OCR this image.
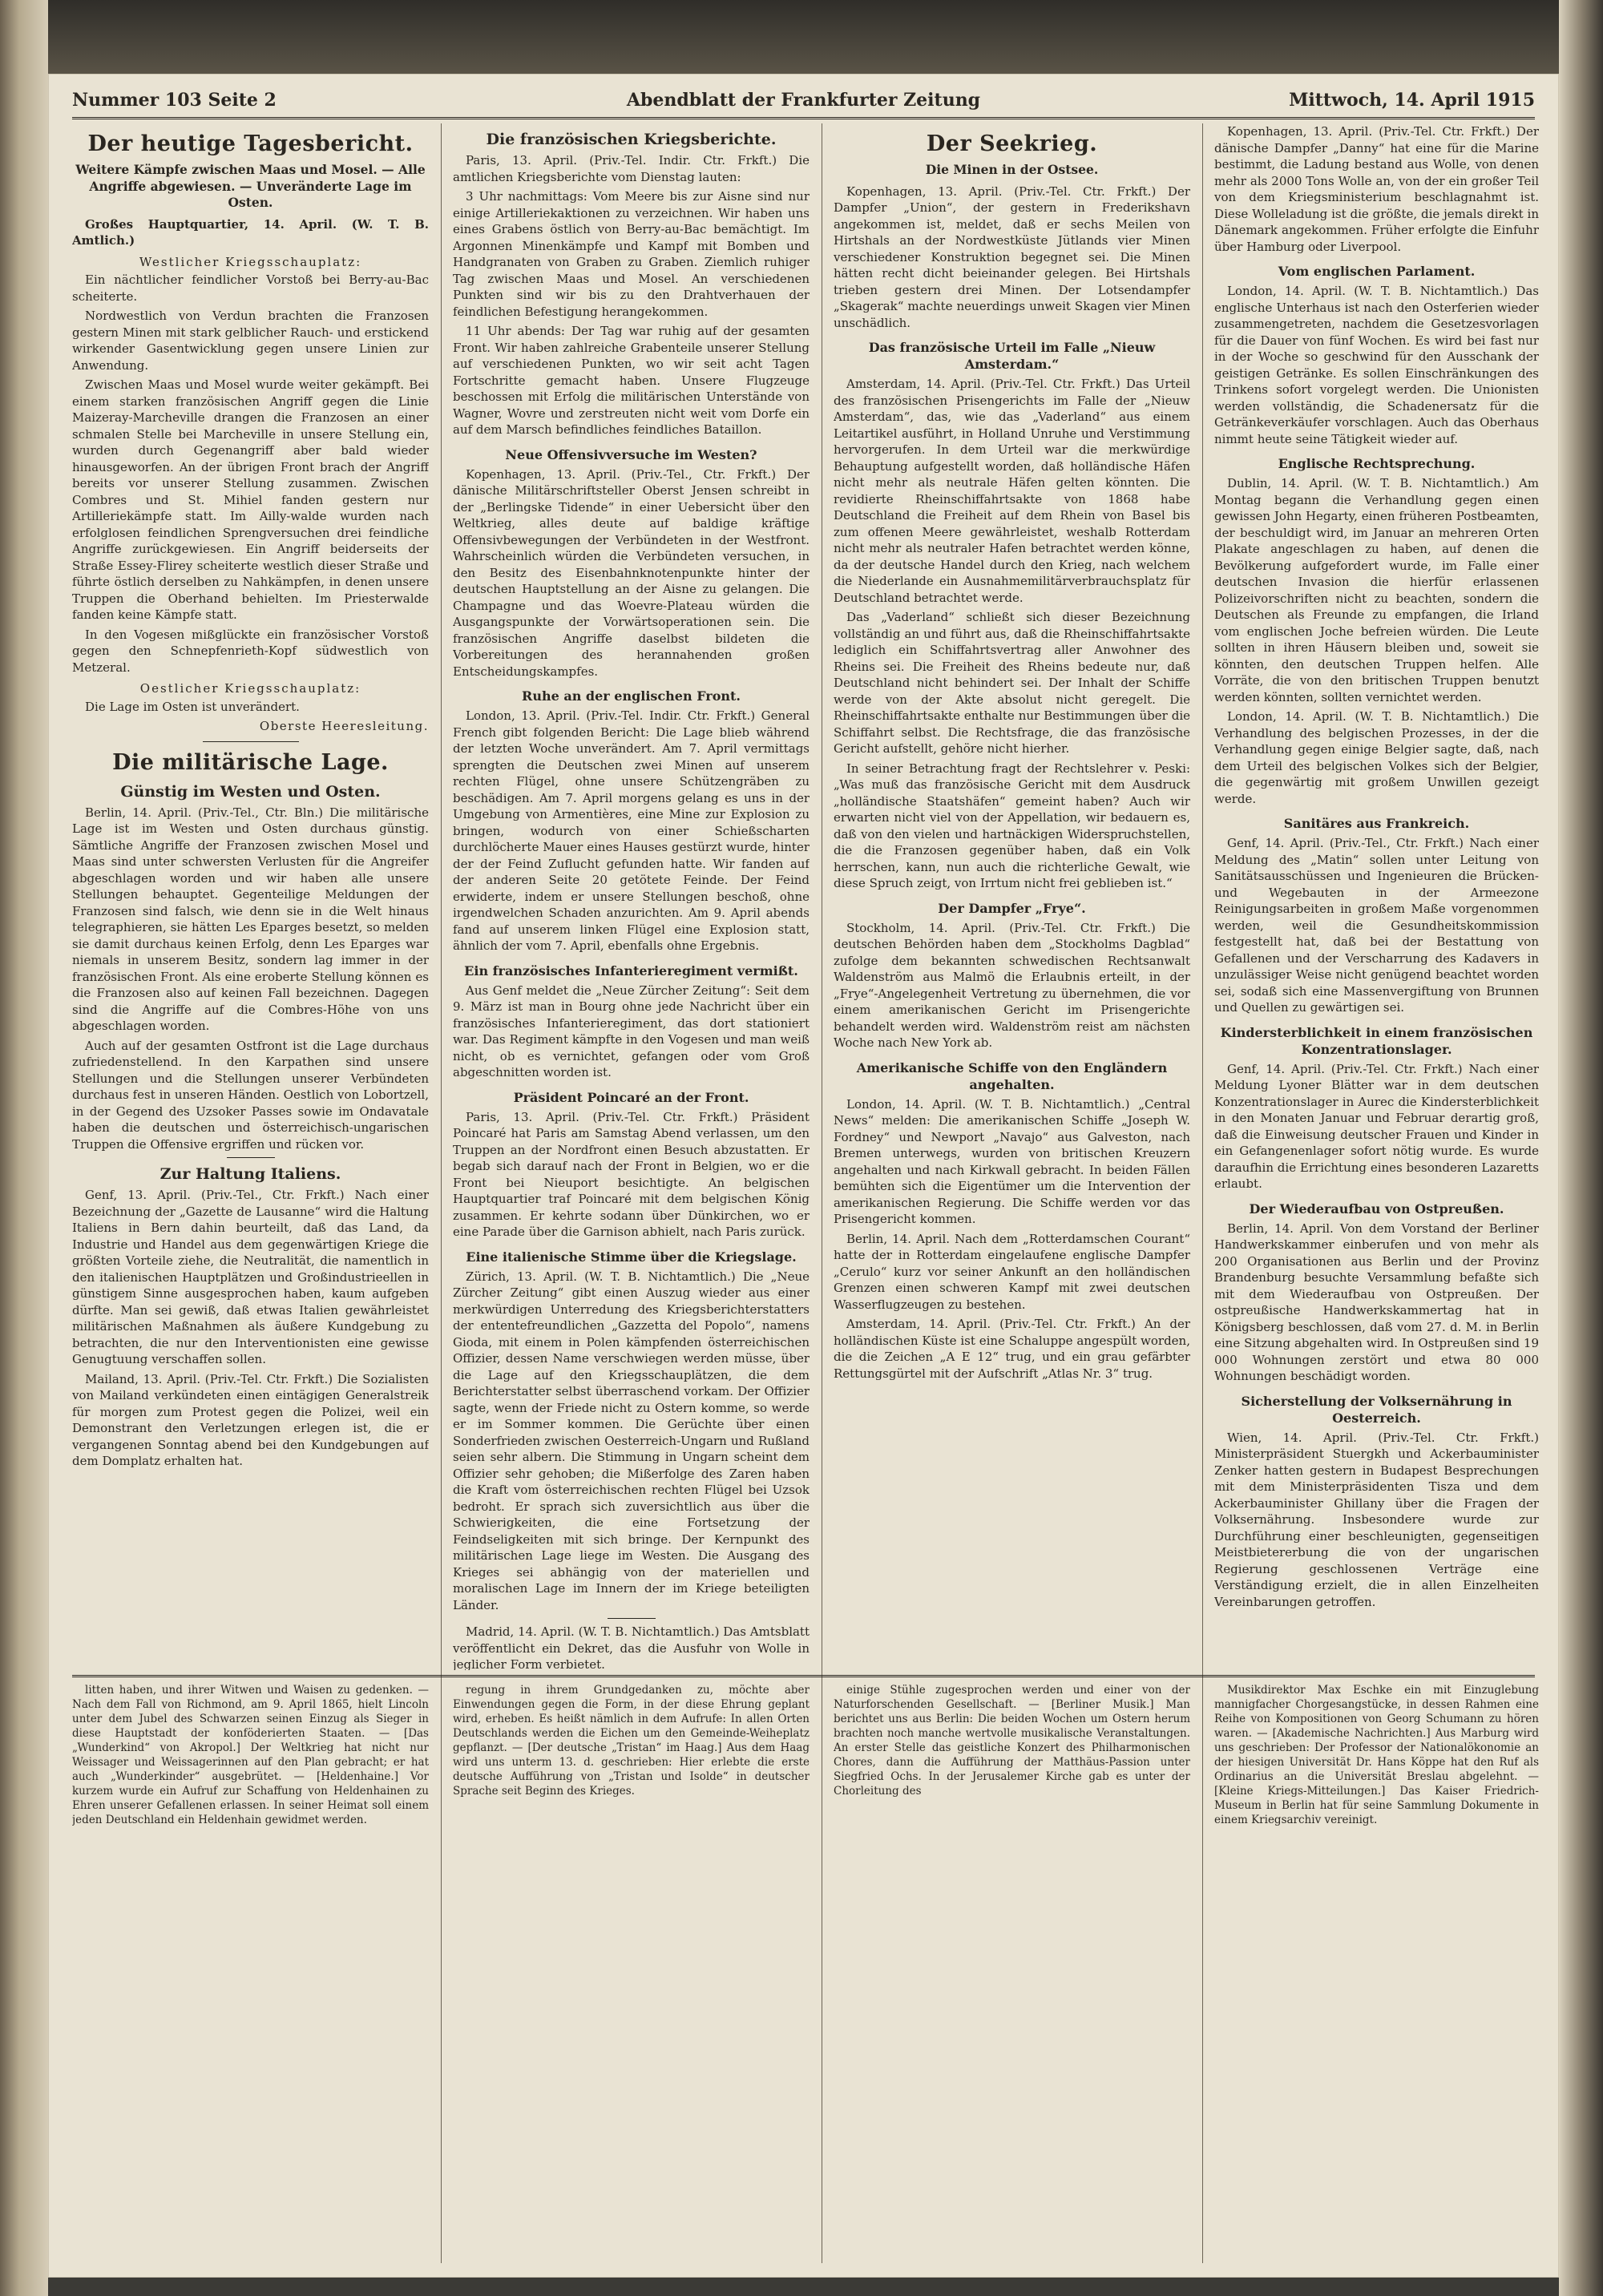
Nummer 103 Seite 2	Abendblatt der Frankfurter Zeitung	Mittwoch, 14. April 1915
Der heutige Tagesbericht.
Weitere Kämpfe zwischen Maas und Mosel. — Alle Angriffe abgewiesen. — Unveränderte Lage im Osten.

Großes Hauptquartier, 14. April. (W. T. B. Amtlich.)

Westlicher Kriegsschauplatz:

Ein nächtlicher feindlicher Vorstoß bei Berry-au-Bac scheiterte.

Nordwestlich von Verdun brachten die Franzosen gestern Minen mit stark gelblicher Rauch- und erstickend wirkender Gasentwicklung gegen unsere Linien zur Anwendung.

Zwischen Maas und Mosel wurde weiter gekämpft. Bei einem starken französischen Angriff gegen die Linie Maizeray-Marcheville drangen die Franzosen an einer schmalen Stelle bei Marcheville in unsere Stellung ein, wurden durch Gegenangriff aber bald wieder hinausgeworfen. An der übrigen Front brach der Angriff bereits vor unserer Stellung zusammen. Zwischen Combres und St. Mihiel fanden gestern nur Artilleriekämpfe statt. Im Ailly-walde wurden nach erfolglosen feindlichen Sprengversuchen drei feindliche Angriffe zurückgewiesen. Ein Angriff beiderseits der Straße Essey-Flirey scheiterte westlich dieser Straße und führte östlich derselben zu Nahkämpfen, in denen unsere Truppen die Oberhand behielten. Im Priesterwalde fanden keine Kämpfe statt.

In den Vogesen mißglückte ein französischer Vorstoß gegen den Schnepfenrieth-Kopf südwestlich von Metzeral.

Oestlicher Kriegsschauplatz:

Die Lage im Osten ist unverändert.

Oberste Heeresleitung.
Die militärische Lage.
Günstig im Westen und Osten.

Berlin, 14. April. (Priv.-Tel., Ctr. Bln.) Die militärische Lage ist im Westen und Osten durchaus günstig. Sämtliche Angriffe der Franzosen zwischen Mosel und Maas sind unter schwersten Verlusten für die Angreifer abgeschlagen worden und wir haben alle unsere Stellungen behauptet. Gegenteilige Meldungen der Franzosen sind falsch, wie denn sie in die Welt hinaus telegraphieren, sie hätten Les Eparges besetzt, so melden sie damit durchaus keinen Erfolg, denn Les Eparges war niemals in unserem Besitz, sondern lag immer in der französischen Front. Als eine eroberte Stellung können es die Franzosen also auf keinen Fall bezeichnen. Dagegen sind die Angriffe auf die Combres-Höhe von uns abgeschlagen worden.

Auch auf der gesamten Ostfront ist die Lage durchaus zufriedenstellend. In den Karpathen sind unsere Stellungen und die Stellungen unserer Verbündeten durchaus fest in unseren Händen. Oestlich von Lobortzell, in der Gegend des Uzsoker Passes sowie im Ondavatale haben die deutschen und österreichisch-ungarischen Truppen die Offensive ergriffen und rücken vor.

Zur Haltung Italiens.

Genf, 13. April. (Priv.-Tel., Ctr. Frkft.) Nach einer Bezeichnung der „Gazette de Lausanne“ wird die Haltung Italiens in Bern dahin beurteilt, daß das Land, da Industrie und Handel aus dem gegenwärtigen Kriege die größten Vorteile ziehe, die Neutralität, die namentlich in den italienischen Hauptplätzen und Großindustrieellen in günstigem Sinne ausgesprochen haben, kaum aufgeben dürfte. Man sei gewiß, daß etwas Italien gewährleistet militärischen Maßnahmen als äußere Kundgebung zu betrachten, die nur den Interventionisten eine gewisse Genugtuung verschaffen sollen.

Mailand, 13. April. (Priv.-Tel. Ctr. Frkft.) Die Sozialisten von Mailand verkündeten einen eintägigen Generalstreik für morgen zum Protest gegen die Polizei, weil ein Demonstrant den Verletzungen erlegen ist, die er vergangenen Sonntag abend bei den Kundgebungen auf dem Domplatz erhalten hat.

Die französischen Kriegsberichte.

Paris, 13. April. (Priv.-Tel. Indir. Ctr. Frkft.) Die amtlichen Kriegsberichte vom Dienstag lauten:

3 Uhr nachmittags: Vom Meere bis zur Aisne sind nur einige Artilleriekaktionen zu verzeichnen. Wir haben uns eines Grabens östlich von Berry-au-Bac bemächtigt. Im Argonnen Minenkämpfe und Kampf mit Bomben und Handgranaten von Graben zu Graben. Ziemlich ruhiger Tag zwischen Maas und Mosel. An verschiedenen Punkten sind wir bis zu den Drahtverhauen der feindlichen Befestigung herangekommen.

11 Uhr abends: Der Tag war ruhig auf der gesamten Front. Wir haben zahlreiche Grabenteile unserer Stellung auf verschiedenen Punkten, wo wir seit acht Tagen Fortschritte gemacht haben. Unsere Flugzeuge beschossen mit Erfolg die militärischen Unterstände von Wagner, Wovre und zerstreuten nicht weit vom Dorfe ein auf dem Marsch befindliches feindliches Bataillon.

Neue Offensivversuche im Westen?

Kopenhagen, 13. April. (Priv.-Tel., Ctr. Frkft.) Der dänische Militärschriftsteller Oberst Jensen schreibt in der „Berlingske Tidende“ in einer Uebersicht über den Weltkrieg, alles deute auf baldige kräftige Offensivbewegungen der Verbündeten in der Westfront. Wahrscheinlich würden die Verbündeten versuchen, in den Besitz des Eisenbahnknotenpunkte hinter der deutschen Hauptstellung an der Aisne zu gelangen. Die Champagne und das Woevre-Plateau würden die Ausgangspunkte der Vorwärtsoperationen sein. Die französischen Angriffe daselbst bildeten die Vorbereitungen des herannahenden großen Entscheidungskampfes.

Ruhe an der englischen Front.

London, 13. April. (Priv.-Tel. Indir. Ctr. Frkft.) General French gibt folgenden Bericht: Die Lage blieb während der letzten Woche unverändert. Am 7. April vermittags sprengten die Deutschen zwei Minen auf unserem rechten Flügel, ohne unsere Schützengräben zu beschädigen. Am 7. April morgens gelang es uns in der Umgebung von Armentières, eine Mine zur Explosion zu bringen, wodurch von einer Schießscharten durchlöcherte Mauer eines Hauses gestürzt wurde, hinter der der Feind Zuflucht gefunden hatte. Wir fanden auf der anderen Seite 20 getötete Feinde. Der Feind erwiderte, indem er unsere Stellungen beschoß, ohne irgendwelchen Schaden anzurichten. Am 9. April abends fand auf unserem linken Flügel eine Explosion statt, ähnlich der vom 7. April, ebenfalls ohne Ergebnis.

Ein französisches Infanterieregiment vermißt.

Aus Genf meldet die „Neue Zürcher Zeitung“: Seit dem 9. März ist man in Bourg ohne jede Nachricht über ein französisches Infanterieregiment, das dort stationiert war. Das Regiment kämpfte in den Vogesen und man weiß nicht, ob es vernichtet, gefangen oder vom Groß abgeschnitten worden ist.

Präsident Poincaré an der Front.

Paris, 13. April. (Priv.-Tel. Ctr. Frkft.) Präsident Poincaré hat Paris am Samstag Abend verlassen, um den Truppen an der Nordfront einen Besuch abzustatten. Er begab sich darauf nach der Front in Belgien, wo er die Front bei Nieuport besichtigte. An belgischen Hauptquartier traf Poincaré mit dem belgischen König zusammen. Er kehrte sodann über Dünkirchen, wo er eine Parade über die Garnison abhielt, nach Paris zurück.

Eine italienische Stimme über die Kriegslage.

Zürich, 13. April. (W. T. B. Nichtamtlich.) Die „Neue Zürcher Zeitung“ gibt einen Auszug wieder aus einer merkwürdigen Unterredung des Kriegsberichterstatters der ententefreundlichen „Gazzetta del Popolo“, namens Gioda, mit einem in Polen kämpfenden österreichischen Offizier, dessen Name verschwiegen werden müsse, über die Lage auf den Kriegsschauplätzen, die dem Berichterstatter selbst überraschend vorkam. Der Offizier sagte, wenn der Friede nicht zu Ostern komme, so werde er im Sommer kommen. Die Gerüchte über einen Sonderfrieden zwischen Oesterreich-Ungarn und Rußland seien sehr albern. Die Stimmung in Ungarn scheint dem Offizier sehr gehoben; die Mißerfolge des Zaren haben die Kraft vom österreichischen rechten Flügel bei Uzsok bedroht. Er sprach sich zuversichtlich aus über die Schwierigkeiten, die eine Fortsetzung der Feindseligkeiten mit sich bringe. Der Kernpunkt des militärischen Lage liege im Westen. Die Ausgang des Krieges sei abhängig von der materiellen und moralischen Lage im Innern der im Kriege beteiligten Länder.

Madrid, 14. April. (W. T. B. Nichtamtlich.) Das Amtsblatt veröffentlicht ein Dekret, das die Ausfuhr von Wolle in jeglicher Form verbietet.

Der Seekrieg.
Die Minen in der Ostsee.

Kopenhagen, 13. April. (Priv.-Tel. Ctr. Frkft.) Der Dampfer „Union“, der gestern in Frederikshavn angekommen ist, meldet, daß er sechs Meilen von Hirtshals an der Nordwestküste Jütlands vier Minen verschiedener Konstruktion begegnet sei. Die Minen hätten recht dicht beieinander gelegen. Bei Hirtshals trieben gestern drei Minen. Der Lotsendampfer „Skagerak“ machte neuerdings unweit Skagen vier Minen unschädlich.

Das französische Urteil im Falle „Nieuw Amsterdam.“

Amsterdam, 14. April. (Priv.-Tel. Ctr. Frkft.) Das Urteil des französischen Prisengerichts im Falle der „Nieuw Amsterdam“, das, wie das „Vaderland“ aus einem Leitartikel ausführt, in Holland Unruhe und Verstimmung hervorgerufen. In dem Urteil war die merkwürdige Behauptung aufgestellt worden, daß holländische Häfen nicht mehr als neutrale Häfen gelten könnten. Die revidierte Rheinschiffahrtsakte von 1868 habe Deutschland die Freiheit auf dem Rhein von Basel bis zum offenen Meere gewährleistet, weshalb Rotterdam nicht mehr als neutraler Hafen betrachtet werden könne, da der deutsche Handel durch den Krieg, nach welchem die Niederlande ein Ausnahmemilitärverbrauchsplatz für Deutschland betrachtet werde.

Das „Vaderland“ schließt sich dieser Bezeichnung vollständig an und führt aus, daß die Rheinschiffahrtsakte lediglich ein Schiffahrtsvertrag aller Anwohner des Rheins sei. Die Freiheit des Rheins bedeute nur, daß Deutschland nicht behindert sei. Der Inhalt der Schiffe werde von der Akte absolut nicht geregelt. Die Rheinschiffahrtsakte enthalte nur Bestimmungen über die Schiffahrt selbst. Die Rechtsfrage, die das französische Gericht aufstellt, gehöre nicht hierher.

In seiner Betrachtung fragt der Rechtslehrer v. Peski: „Was muß das französische Gericht mit dem Ausdruck „holländische Staatshäfen“ gemeint haben? Auch wir erwarten nicht viel von der Appellation, wir bedauern es, daß von den vielen und hartnäckigen Widerspruchstellen, die die Franzosen gegenüber haben, daß ein Volk herrschen, kann, nun auch die richterliche Gewalt, wie diese Spruch zeigt, von Irrtum nicht frei geblieben ist.“

Der Dampfer „Frye“.

Stockholm, 14. April. (Priv.-Tel. Ctr. Frkft.) Die deutschen Behörden haben dem „Stockholms Dagblad“ zufolge dem bekannten schwedischen Rechtsanwalt Waldenström aus Malmö die Erlaubnis erteilt, in der „Frye“-Angelegenheit Vertretung zu übernehmen, die vor einem amerikanischen Gericht im Prisengerichte behandelt werden wird. Waldenström reist am nächsten Woche nach New York ab.

Amerikanische Schiffe von den Engländern angehalten.

London, 14. April. (W. T. B. Nichtamtlich.) „Central News“ melden: Die amerikanischen Schiffe „Joseph W. Fordney“ und Newport „Navajo“ aus Galveston, nach Bremen unterwegs, wurden von britischen Kreuzern angehalten und nach Kirkwall gebracht. In beiden Fällen bemühten sich die Eigentümer um die Intervention der amerikanischen Regierung. Die Schiffe werden vor das Prisengericht kommen.

Berlin, 14. April. Nach dem „Rotterdamschen Courant“ hatte der in Rotterdam eingelaufene englische Dampfer „Cerulo“ kurz vor seiner Ankunft an den holländischen Grenzen einen schweren Kampf mit zwei deutschen Wasserflugzeugen zu bestehen.

Amsterdam, 14. April. (Priv.-Tel. Ctr. Frkft.) An der holländischen Küste ist eine Schaluppe angespült worden, die die Zeichen „A E 12“ trug, und ein grau gefärbter Rettungsgürtel mit der Aufschrift „Atlas Nr. 3“ trug.

Kopenhagen, 13. April. (Priv.-Tel. Ctr. Frkft.) Der dänische Dampfer „Danny“ hat eine für die Marine bestimmt, die Ladung bestand aus Wolle, von denen mehr als 2000 Tons Wolle an, von der ein großer Teil von dem Kriegsministerium beschlagnahmt ist. Diese Wolleladung ist die größte, die jemals direkt in Dänemark angekommen. Früher erfolgte die Einfuhr über Hamburg oder Liverpool.

Vom englischen Parlament.

London, 14. April. (W. T. B. Nichtamtlich.) Das englische Unterhaus ist nach den Osterferien wieder zusammengetreten, nachdem die Gesetzesvorlagen für die Dauer von fünf Wochen. Es wird bei fast nur in der Woche so geschwind für den Ausschank der geistigen Getränke. Es sollen Einschränkungen des Trinkens sofort vorgelegt werden. Die Unionisten werden vollständig, die Schadenersatz für die Getränkeverkäufer vorschlagen. Auch das Oberhaus nimmt heute seine Tätigkeit wieder auf.

Englische Rechtsprechung.

Dublin, 14. April. (W. T. B. Nichtamtlich.) Am Montag begann die Verhandlung gegen einen gewissen John Hegarty, einen früheren Postbeamten, der beschuldigt wird, im Januar an mehreren Orten Plakate angeschlagen zu haben, auf denen die Bevölkerung aufgefordert wurde, im Falle einer deutschen Invasion die hierfür erlassenen Polizeivorschriften nicht zu beachten, sondern die Deutschen als Freunde zu empfangen, die Irland vom englischen Joche befreien würden. Die Leute sollten in ihren Häusern bleiben und, soweit sie könnten, den deutschen Truppen helfen. Alle Vorräte, die von den britischen Truppen benutzt werden könnten, sollten vernichtet werden.

London, 14. April. (W. T. B. Nichtamtlich.) Die Verhandlung des belgischen Prozesses, in der die Verhandlung gegen einige Belgier sagte, daß, nach dem Urteil des belgischen Volkes sich der Belgier, die gegenwärtig mit großem Unwillen gezeigt werde.

Sanitäres aus Frankreich.

Genf, 14. April. (Priv.-Tel., Ctr. Frkft.) Nach einer Meldung des „Matin“ sollen unter Leitung von Sanitätsausschüssen und Ingenieuren die Brücken- und Wegebauten in der Armeezone Reinigungsarbeiten in großem Maße vorgenommen werden, weil die Gesundheitskommission festgestellt hat, daß bei der Bestattung von Gefallenen und der Verscharrung des Kadavers in unzulässiger Weise nicht genügend beachtet worden sei, sodaß sich eine Massenvergiftung von Brunnen und Quellen zu gewärtigen sei.

Kindersterblichkeit in einem französischen Konzentrationslager.

Genf, 14. April. (Priv.-Tel. Ctr. Frkft.) Nach einer Meldung Lyoner Blätter war in dem deutschen Konzentrationslager in Aurec die Kindersterblichkeit in den Monaten Januar und Februar derartig groß, daß die Einweisung deutscher Frauen und Kinder in ein Gefangenenlager sofort nötig wurde. Es wurde daraufhin die Errichtung eines besonderen Lazaretts erlaubt.

Der Wiederaufbau von Ostpreußen.

Berlin, 14. April. Von dem Vorstand der Berliner Handwerkskammer einberufen und von mehr als 200 Organisationen aus Berlin und der Provinz Brandenburg besuchte Versammlung befaßte sich mit dem Wiederaufbau von Ostpreußen. Der ostpreußische Handwerkskammertag hat in Königsberg beschlossen, daß vom 27. d. M. in Berlin eine Sitzung abgehalten wird. In Ostpreußen sind 19 000 Wohnungen zerstört und etwa 80 000 Wohnungen beschädigt worden.

Sicherstellung der Volksernährung in Oesterreich.

Wien, 14. April. (Priv.-Tel. Ctr. Frkft.) Ministerpräsident Stuergkh und Ackerbauminister Zenker hatten gestern in Budapest Besprechungen mit dem Ministerpräsidenten Tisza und dem Ackerbauminister Ghillany über die Fragen der Volksernährung. Insbesondere wurde zur Durchführung einer beschleunigten, gegenseitigen Meistbietererbung die von der ungarischen Regierung geschlossenen Verträge eine Verständigung erzielt, die in allen Einzelheiten Vereinbarungen getroffen.

litten haben, und ihrer Witwen und Waisen zu gedenken. — Nach dem Fall von Richmond, am 9. April 1865, hielt Lincoln unter dem Jubel des Schwarzen seinen Einzug als Sieger in diese Hauptstadt der konföderierten Staaten. — [Das „Wunderkind“ von Akropol.] Der Weltkrieg hat nicht nur Weissager und Weissagerinnen auf den Plan gebracht; er hat auch „Wunderkinder“ ausgebrütet. — [Heldenhaine.] Vor kurzem wurde ein Aufruf zur Schaffung von Heldenhainen zu Ehren unserer Gefallenen erlassen. In seiner Heimat soll einem jeden Deutschland ein Heldenhain gewidmet werden.

regung in ihrem Grundgedanken zu, möchte aber Einwendungen gegen die Form, in der diese Ehrung geplant wird, erheben. Es heißt nämlich in dem Aufrufe: In allen Orten Deutschlands werden die Eichen um den Gemeinde-Weiheplatz gepflanzt. — [Der deutsche „Tristan“ im Haag.] Aus dem Haag wird uns unterm 13. d. geschrieben: Hier erlebte die erste deutsche Aufführung von „Tristan und Isolde“ in deutscher Sprache seit Beginn des Krieges.

einige Stühle zugesprochen werden und einer von der Naturforschenden Gesellschaft. — [Berliner Musik.] Man berichtet uns aus Berlin: Die beiden Wochen um Ostern herum brachten noch manche wertvolle musikalische Veranstaltungen. An erster Stelle das geistliche Konzert des Philharmonischen Chores, dann die Aufführung der Matthäus-Passion unter Siegfried Ochs. In der Jerusalemer Kirche gab es unter der Chorleitung des

Musikdirektor Max Eschke ein mit Einzuglebung mannigfacher Chorgesangstücke, in dessen Rahmen eine Reihe von Kompositionen von Georg Schumann zu hören waren. — [Akademische Nachrichten.] Aus Marburg wird uns geschrieben: Der Professor der Nationalökonomie an der hiesigen Universität Dr. Hans Köppe hat den Ruf als Ordinarius an die Universität Breslau abgelehnt. — [Kleine Kriegs-Mitteilungen.] Das Kaiser Friedrich-Museum in Berlin hat für seine Sammlung Dokumente in einem Kriegsarchiv vereinigt.
